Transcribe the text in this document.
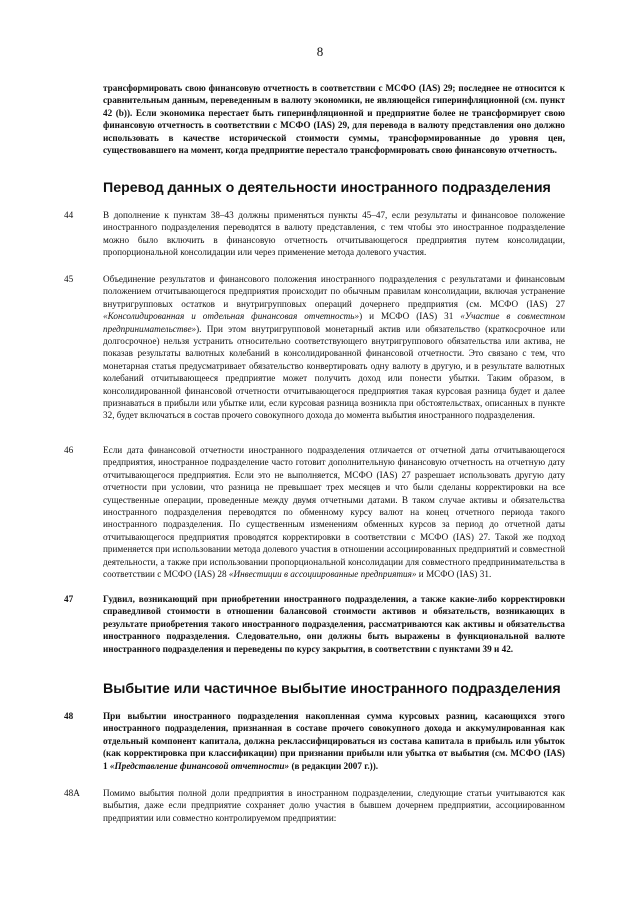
8

трансформировать свою финансовую отчетность в соответствии с МСФО (IAS) 29; последнее не относится к сравнительным данным, переведенным в валюту экономики, не являющейся гиперинфляционной (см. пункт 42 (b)). Если экономика перестает быть гиперинфляционной и предприятие более не трансформирует свою финансовую отчетность в соответствии с МСФО (IAS) 29, для перевода в валюту представления оно должно использовать в качестве исторической стоимости суммы, трансформированные до уровня цен, существовавшего на момент, когда предприятие перестало трансформировать свою финансовую отчетность.

Перевод данных о деятельности иностранного подразделения
44	В дополнение к пунктам 38–43 должны применяться пункты 45–47, если результаты и финансовое положение иностранного подразделения переводятся в валюту представления, с тем чтобы это иностранное подразделение можно было включить в финансовую отчетность отчитывающегося предприятия путем консолидации, пропорциональной консолидации или через применение метода долевого участия.

45	Объединение результатов и финансового положения иностранного подразделения с результатами и финансовым положением отчитывающегося предприятия происходит по обычным правилам консолидации, включая устранение внутригрупповых остатков и внутригрупповых операций дочернего предприятия (см. МСФО (IAS) 27 «Консолидированная и отдельная финансовая отчетность») и МСФО (IAS) 31 «Участие в совместном предпринимательстве»). При этом внутригрупповой монетарный актив или обязательство (краткосрочное или долгосрочное) нельзя устранить относительно соответствующего внутригруппового обязательства или актива, не показав результаты валютных колебаний в консолидированной финансовой отчетности. Это связано с тем, что монетарная статья предусматривает обязательство конвертировать одну валюту в другую, и в результате валютных колебаний отчитывающееся предприятие может получить доход или понести убытки. Таким образом, в консолидированной финансовой отчетности отчитывающегося предприятия такая курсовая разница будет и далее признаваться в прибыли или убытке или, если курсовая разница возникла при обстоятельствах, описанных в пункте 32, будет включаться в состав прочего совокупного дохода до момента выбытия иностранного подразделения.

46	Если дата финансовой отчетности иностранного подразделения отличается от отчетной даты отчитывающегося предприятия, иностранное подразделение часто готовит дополнительную финансовую отчетность на отчетную дату отчитывающегося предприятия. Если это не выполняется, МСФО (IAS) 27 разрешает использовать другую дату отчетности при условии, что разница не превышает трех месяцев и что были сделаны корректировки на все существенные операции, проведенные между двумя отчетными датами. В таком случае активы и обязательства иностранного подразделения переводятся по обменному курсу валют на конец отчетного периода такого иностранного подразделения. По существенным изменениям обменных курсов за период до отчетной даты отчитывающегося предприятия проводятся корректировки в соответствии с МСФО (IAS) 27. Такой же подход применяется при использовании метода долевого участия в отношении ассоциированных предприятий и совместной деятельности, а также при использовании пропорциональной консолидации для совместного предпринимательства в соответствии с МСФО (IAS) 28 «Инвестиции в ассоциированные предприятия» и МСФО (IAS) 31.

47	Гудвил, возникающий при приобретении иностранного подразделения, а также какие-либо корректировки справедливой стоимости в отношении балансовой стоимости активов и обязательств, возникающих в результате приобретения такого иностранного подразделения, рассматриваются как активы и обязательства иностранного подразделения. Следовательно, они должны быть выражены в функциональной валюте иностранного подразделения и переведены по курсу закрытия, в соответствии с пунктами 39 и 42.

Выбытие или частичное выбытие иностранного подразделения
48	При выбытии иностранного подразделения накопленная сумма курсовых разниц, касающихся этого иностранного подразделения, признанная в составе прочего совокупного дохода и аккумулированная как отдельный компонент капитала, должна реклассифицироваться из состава капитала в прибыль или убыток (как корректировка при классификации) при признании прибыли или убытка от выбытия (см. МСФО (IAS) 1 «Представление финансовой отчетности» (в редакции 2007 г.)).

48A	Помимо выбытия полной доли предприятия в иностранном подразделении, следующие статьи учитываются как выбытия, даже если предприятие сохраняет долю участия в бывшем дочернем предприятии, ассоциированном предприятии или совместно контролируемом предприятии:
